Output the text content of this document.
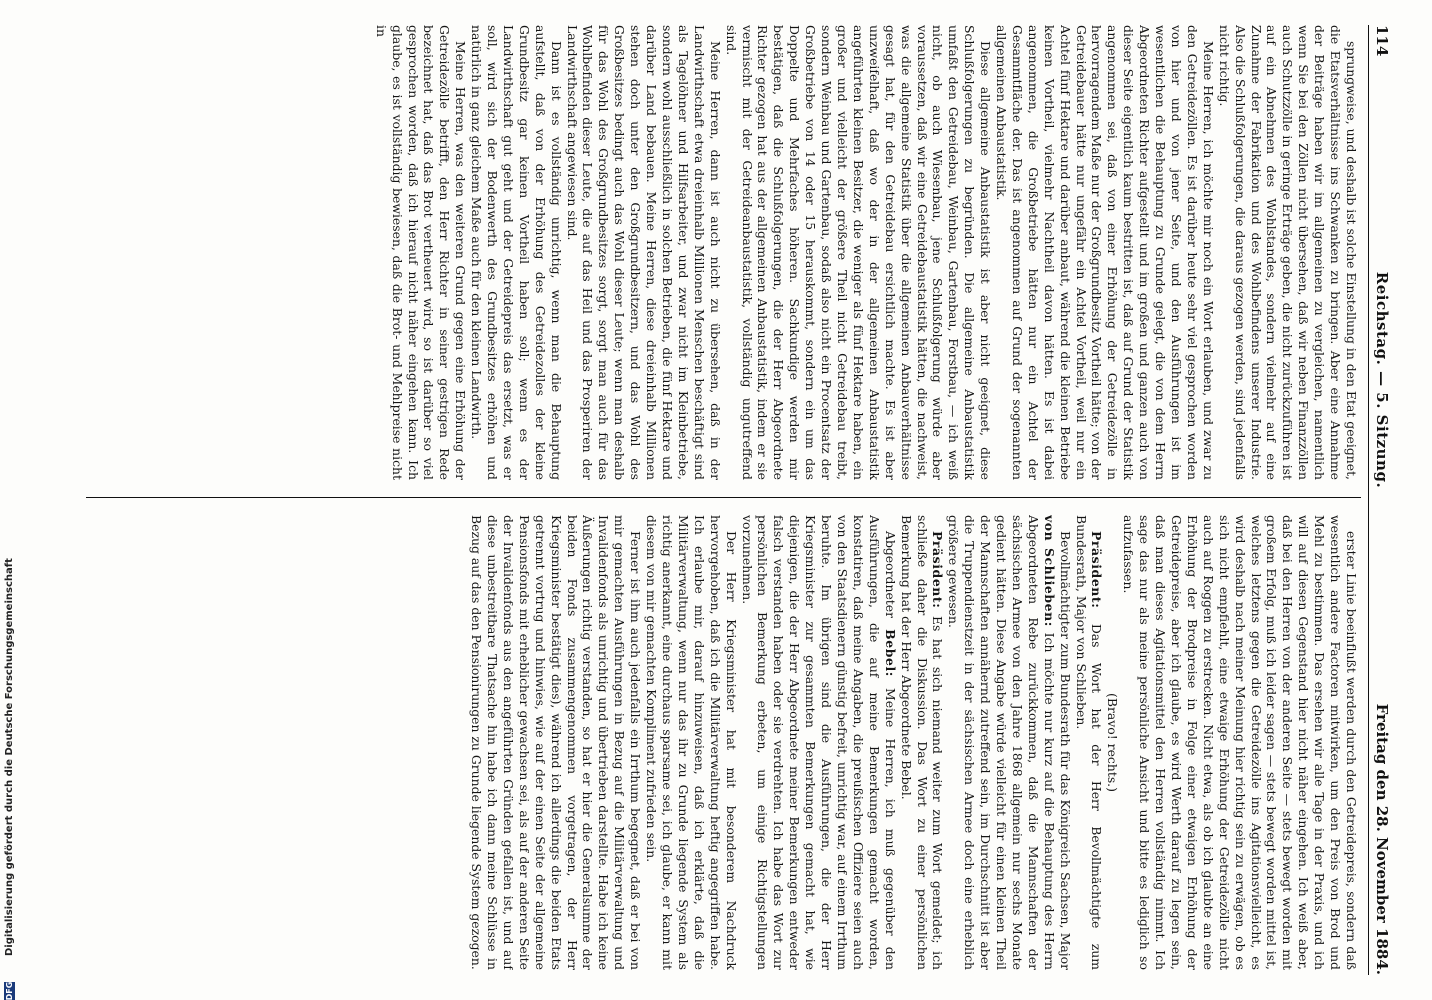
114
Reichstag. — 5. Sitzung.
Freitag den 28. November 1884.

sprungweise, und deshalb ist solche Einstellung in den Etat geeignet, die Etatsverhältnisse ins Schwanken zu bringen. Aber eine Annahme der Beiträge haben wir im allgemeinen zu vergleichen, namentlich wenn Sie bei den Zöllen nicht übersehen, daß wir neben Finanzzöllen auch Schutzzölle in geringe Erträge geben, die nicht zurückzuführen ist auf ein Abnehmen des Wohlstandes, sondern vielmehr auf eine Zunahme der Fabrikation und des Wohlbefindens unserer Industrie. Also die Schlußfolgerungen, die daraus gezogen werden, sind jedenfalls nicht richtig.

Meine Herren, ich möchte mir noch ein Wort erlauben, und zwar zu den Getreidezöllen. Es ist darüber heute sehr viel gesprochen worden von hier und von jener Seite, und den Ausführungen ist im wesentlichen die Behauptung zu Grunde gelegt, die von dem Herrn Abgeordneten Richter aufgestellt und im großen und ganzen auch von dieser Seite eigentlich kaum bestritten ist, daß auf Grund der Statistik angenommen sei, daß von einer Erhöhung der Getreidezölle in hervorragendem Maße nur der Großgrundbesitz Vortheil hätte; von der Getreidebauer hätte nur ungefähr ein Achtel Vortheil, weil nur ein Achtel fünf Hektare und darüber anbaut, während die kleinen Betriebe keinen Vortheil, vielmehr Nachtheil davon hätten. Es ist dabei angenommen, die Großbetriebe hätten nur ein Achtel der Gesammtfläche der. Das ist angenommen auf Grund der sogenannten allgemeinen Anbaustatistik.

Diese allgemeine Anbaustatistik ist aber nicht geeignet, diese Schlußfolgerungen zu begründen. Die allgemeine Anbaustatistik umfaßt den Getreidebau, Weinbau, Gartenbau, Forstbau, — ich weiß nicht, ob auch Wiesenbau, jene Schlußfolgerung würde aber voraussetzen, daß wir eine Getreidebaustatistik hätten, die nachweist, was die allgemeine Statistik über die allgemeinen Anbauverhältnisse gesagt hat, für den Getreidebau ersichtlich machte. Es ist aber unzweifelhaft, daß wo der in der allgemeinen Anbaustatistik angeführten kleinen Besitzer, die weniger als fünf Hektare haben, ein großer und vielleicht der größere Theil nicht Getreidebau treibt, sondern Weinbau und Gartenbau, sodaß also nicht ein Procentsatz der Großbetriebe von 14 oder 15 herauskommt, sondern ein um das Doppelte und Mehrfaches höheren. Sachkundige werden mir bestätigen, daß die Schlußfolgerungen, die der Herr Abgeordnete Richter gezogen hat aus der allgemeinen Anbaustatistik, indem er sie vermischt mit der Getreideanbaustatistik, vollständig ungutreffend sind.

Meine Herren, dann ist auch nicht zu übersehen, daß in der Landwirthschaft etwa dreieinhalb Millionen Menschen beschäftigt sind als Tagelöhner und Hilfsarbeiter, und zwar nicht im Kleinbetriebe, sondern wohl ausschließlich in solchen Betrieben, die fünf Hektare und darüber Land bebauen. Meine Herren, diese dreieinhalb Millionen stehen doch unter den Großgrundbesitzern, und das Wohl des Großbesitzes bedingt auch das Wohl dieser Leute; wenn man deshalb für das Wohl des Großgrundbesitzes sorgt, sorgt man auch für das Wohlbefinden dieser Leute, die auf das Heil und das Prosperiren der Landwirthschaft angewiesen sind.

Dann ist es vollständig unrichtig, wenn man die Behauptung aufstellt, daß von der Erhöhung des Getreidezolles der kleine Grundbesitz gar keinen Vortheil haben soll; wenn es der Landwirthschaft gut geht und der Getreidepreis das ersetzt, was er soll, wird sich der Bodenwerth des Grundbesitzes erhöhen und natürlich in ganz gleichem Maße auch für den kleinen Landwirth.

Meine Herren, was den weiteren Grund gegen eine Erhöhung der Getreidezölle betrifft, den Herr Richter in seiner gestrigen Rede bezeichnet hat, daß das Brot vertheuert wird, so ist darüber so viel gesprochen worden, daß ich hierauf nicht näher eingehen kann. Ich glaube, es ist vollständig bewiesen, daß die Brot- und Mehlpreise nicht in

erster Linie beeinflußt werden durch den Getreidepreis, sondern daß wesentlich andere Factoren mitwirken, um den Preis von Brod und Mehl zu bestimmen. Das ersehen wir alle Tage in der Praxis, und ich will auf diesen Gegenstand hier nicht näher eingehen. Ich weiß aber, daß bei den Herren von der anderen Seite — stets bewegt worden mit großem Erfolg, muß ich leider sagen — stets bewegt worden mittel ist, welches letztens gegen die Getreidezölle ins Agitationsvielleicht, es wird deshalb nach meiner Meinung hier richtig sein zu erwägen, ob es sich nicht empfiehlt, eine etwaige Erhöhung der Getreidezölle nicht auch auf Roggen zu erstrecken. Nicht etwa, als ob ich glaubte an eine Erhöhung der Brodpreise in Folge einer etwaigen Erhöhung der Getreidepreise, aber ich glaube, es wird Werth darauf zu legen sein, daß man dieses Agitationsmittel den Herren vollständig nimmt. Ich sage das nur als meine persönliche Ansicht und bitte es lediglich so aufzufassen.

(Bravo! rechts.)

Präsident: Das Wort hat der Herr Bevollmächtigte zum Bundesrath, Major von Schlieben.

Bevollmächtigter zum Bundesrath für das Königreich Sachsen, Major von Schlieben: Ich möchte nur kurz auf die Behauptung des Herrn Abgeordneten Rebe zurückkommen, daß die Mannschaften der sächsischen Armee von den Jahre 1868 allgemein nur sechs Monate gedient hätten. Diese Angabe würde vielleicht für einen kleinen Theil der Mannschaften annähernd zutreffend sein, im Durchschnitt ist aber die Truppendienstzeit in der sächsischen Armee doch eine erheblich größere gewesen.

Präsident: Es hat sich niemand weiter zum Wort gemeldet; ich schließe daher die Diskussion. Das Wort zu einer persönlichen Bemerkung hat der Herr Abgeordnete Bebel.

Abgeordneter Bebel: Meine Herren, ich muß gegenüber den Ausführungen, die auf meine Bemerkungen gemacht worden, konstatiren, daß meine Angaben, die preußischen Offiziere seien auch von den Staatsdienern günstig befreit, unrichtig war, auf einem Irrthum beruhte. Im übrigen sind die Ausführungen, die der Herr Kriegsminister zur gesammten Bemerkungen gemacht hat, wie diejenigen, die der Herr Abgeordnete meiner Bemerkungen entweder falsch verstanden haben oder sie verdrehten. Ich habe das Wort zur persönlichen Bemerkung erbeten, um einige Richtigstellungen vorzunehmen.

Der Herr Kriegsminister hat mit besonderem Nachdruck hervorgehoben, daß ich die Militärverwaltung heftig angegriffen habe. Ich erlaube mir, darauf hinzuweisen, daß ich erklärte, daß die Militärverwaltung, wenn nur das ihr zu Grunde liegende System als richtig anerkannt, eine durchaus sparsame sei, ich glaube, er kann mit diesem von mir gemachten Kompliment zufrieden sein.

Ferner ist ihm auch jedenfalls ein Irrthum begegnet, daß er bei von mir gemachten Ausführungen in Bezug auf die Militärverwaltung und Invalidenfonds als unrichtig und übertrieben darstellte. Habe ich keine Äußerungen richtig verstanden, so hat er hier die Generalsumme der beiden Fonds zusammengenommen vorgetragen, der Herr Kriegsminister bestätigt dies), während ich allerdings die beiden Etats getrennt vortrug und hinwies, wie auf der einen Seite der allgemeine Pensionsfonds mit erheblicher gewachsen sei, als auf der anderen Seite der Invalidenfonds aus den angeführten Gründen gefallen ist, und auf diese unbestreitbare Thatsache hin habe ich dann meine Schlüsse in Bezug auf das den Pensionirungen zu Grunde liegende System gezogen.

DFG
Digitalisierung gefördert durch die Deutsche Forschungsgemeinschaft
